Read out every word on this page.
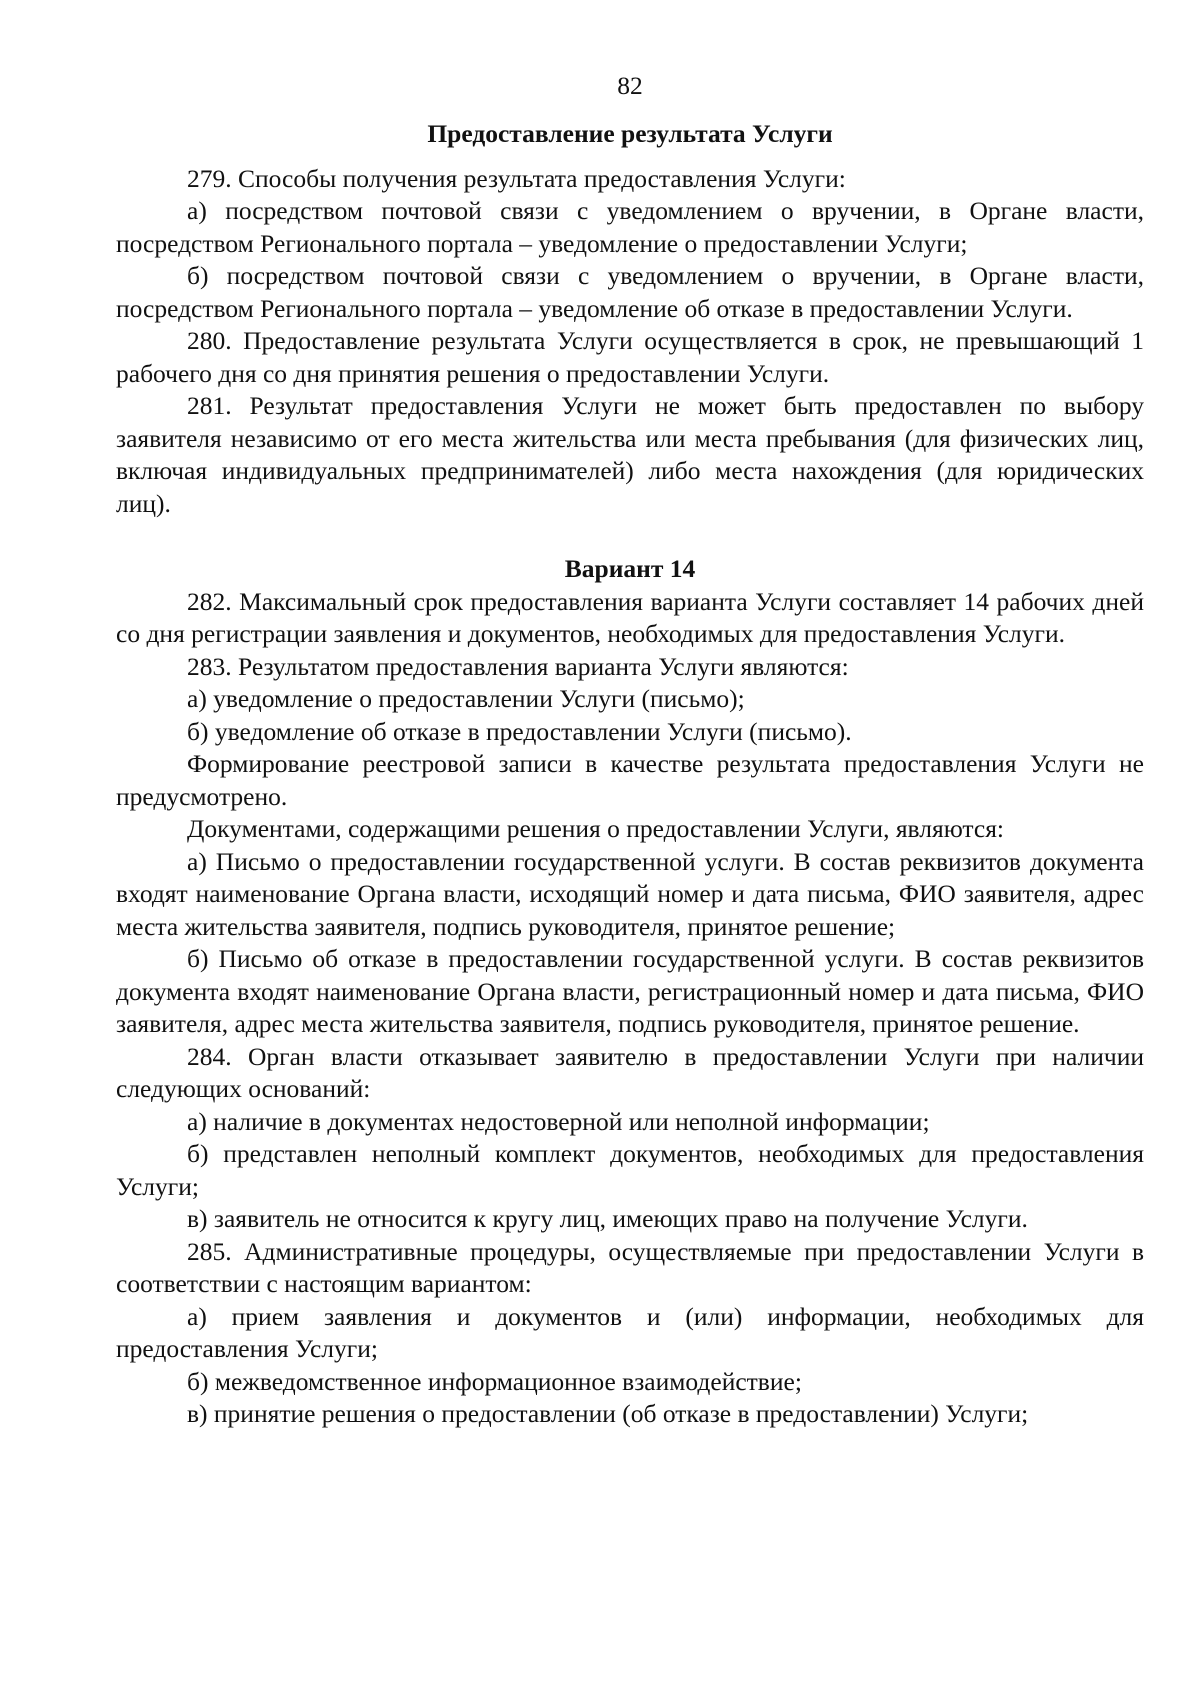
82
Предоставление результата Услуги

279. Способы получения результата предоставления Услуги:

а) посредством почтовой связи с уведомлением о вручении, в Органе власти, посредством Регионального портала – уведомление о предоставлении Услуги;

б) посредством почтовой связи с уведомлением о вручении, в Органе власти, посредством Регионального портала – уведомление об отказе в предоставлении Услуги.

280. Предоставление результата Услуги осуществляется в срок, не превышающий 1 рабочего дня со дня принятия решения о предоставлении Услуги.

281. Результат предоставления Услуги не может быть предоставлен по выбору заявителя независимо от его места жительства или места пребывания (для физических лиц, включая индивидуальных предпринимателей) либо места нахождения (для юридических лиц).

Вариант 14

282. Максимальный срок предоставления варианта Услуги составляет 14 рабочих дней со дня регистрации заявления и документов, необходимых для предоставления Услуги.

283. Результатом предоставления варианта Услуги являются:

а) уведомление о предоставлении Услуги (письмо);

б) уведомление об отказе в предоставлении Услуги (письмо).

Формирование реестровой записи в качестве результата предоставления Услуги не предусмотрено.

Документами, содержащими решения о предоставлении Услуги, являются:

а) Письмо о предоставлении государственной услуги. В состав реквизитов документа входят наименование Органа власти, исходящий номер и дата письма, ФИО заявителя, адрес места жительства заявителя, подпись руководителя, принятое решение;

б) Письмо об отказе в предоставлении государственной услуги. В состав реквизитов документа входят наименование Органа власти, регистрационный номер и дата письма, ФИО заявителя, адрес места жительства заявителя, подпись руководителя, принятое решение.

284. Орган власти отказывает заявителю в предоставлении Услуги при наличии следующих оснований:

а) наличие в документах недостоверной или неполной информации;

б) представлен неполный комплект документов, необходимых для предоставления Услуги;

в) заявитель не относится к кругу лиц, имеющих право на получение Услуги.

285. Административные процедуры, осуществляемые при предоставлении Услуги в соответствии с настоящим вариантом:

а) прием заявления и документов и (или) информации, необходимых для предоставления Услуги;

б) межведомственное информационное взаимодействие;

в) принятие решения о предоставлении (об отказе в предоставлении) Услуги;
